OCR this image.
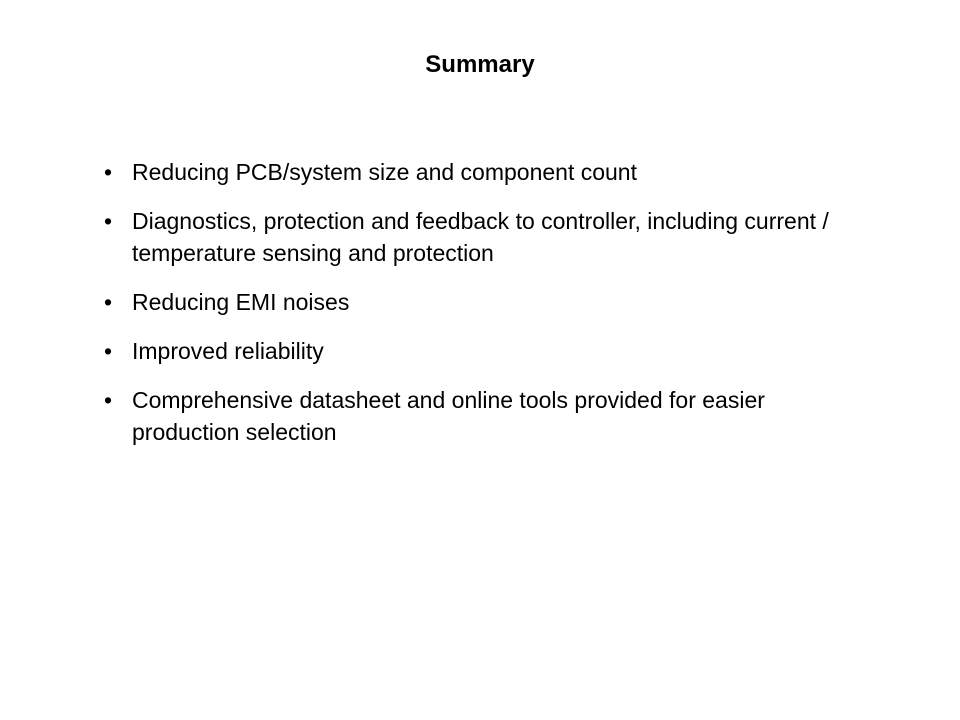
Summary
• Reducing PCB/system size and component count
• Diagnostics, protection and feedback to controller, including current / temperature sensing and protection
• Reducing EMI noises
• Improved reliability
• Comprehensive datasheet and online tools provided for easier production selection
